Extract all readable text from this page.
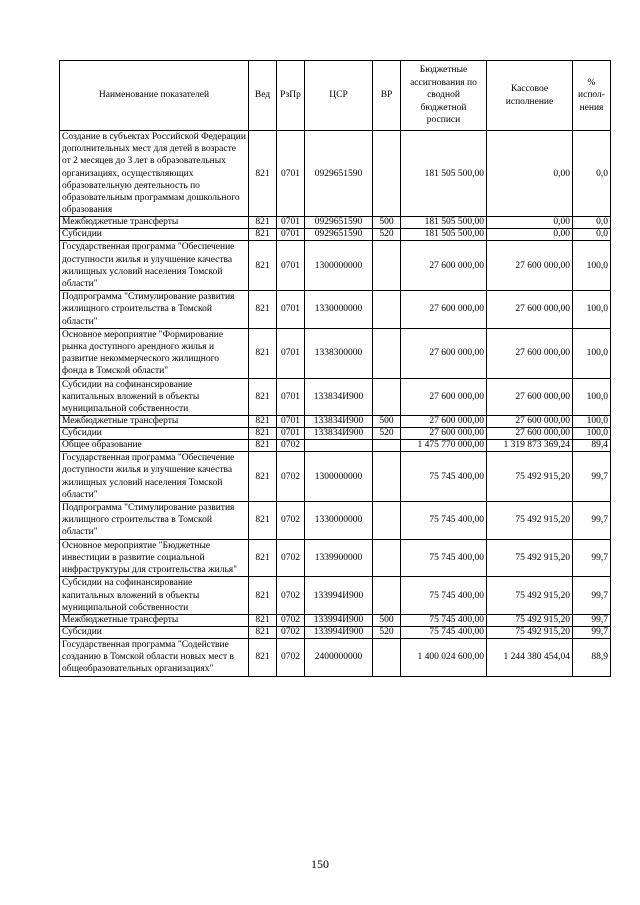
Наименование показателей	Вед	РзПр	ЦСР	ВР	Бюджетные ассигнования по сводной бюджетной росписи	Кассовое исполнение	% испол-нения
Создание в субъектах Российской Федерации дополнительных мест для детей в возрасте от 2 месяцев до 3 лет в образовательных организациях, осуществляющих образовательную деятельность по образовательным программам дошкольного образования	821	0701	0929651590		181 505 500,00	0,00	0,0
Межбюджетные трансферты	821	0701	0929651590	500	181 505 500,00	0,00	0,0
Субсидии	821	0701	0929651590	520	181 505 500,00	0,00	0,0
Государственная программа "Обеспечение доступности жилья и улучшение качества жилищных условий населения Томской области"	821	0701	1300000000		27 600 000,00	27 600 000,00	100,0
Подпрограмма "Стимулирование развития жилищного строительства в Томской области"	821	0701	1330000000		27 600 000,00	27 600 000,00	100,0
Основное мероприятие "Формирование рынка доступного арендного жилья и развитие некоммерческого жилищного фонда в Томской области"	821	0701	1338300000		27 600 000,00	27 600 000,00	100,0
Субсидии на софинансирование капитальных вложений в объекты муниципальной собственности	821	0701	133834И900		27 600 000,00	27 600 000,00	100,0
Межбюджетные трансферты	821	0701	133834И900	500	27 600 000,00	27 600 000,00	100,0
Субсидии	821	0701	133834И900	520	27 600 000,00	27 600 000,00	100,0
Общее образование	821	0702			1 475 770 000,00	1 319 873 369,24	89,4
Государственная программа "Обеспечение доступности жилья и улучшение качества жилищных условий населения Томской области"	821	0702	1300000000		75 745 400,00	75 492 915,20	99,7
Подпрограмма "Стимулирование развития жилищного строительства в Томской области"	821	0702	1330000000		75 745 400,00	75 492 915,20	99,7
Основное мероприятие "Бюджетные инвестиции в развитие социальной инфраструктуры для строительства жилья"	821	0702	1339900000		75 745 400,00	75 492 915,20	99,7
Субсидии на софинансирование капитальных вложений в объекты муниципальной собственности	821	0702	133994И900		75 745 400,00	75 492 915,20	99,7
Межбюджетные трансферты	821	0702	133994И900	500	75 745 400,00	75 492 915,20	99,7
Субсидии	821	0702	133994И900	520	75 745 400,00	75 492 915,20	99,7
Государственная программа "Содействие созданию в Томской области новых мест в общеобразовательных организациях"	821	0702	2400000000		1 400 024 600,00	1 244 380 454,04	88,9
150
